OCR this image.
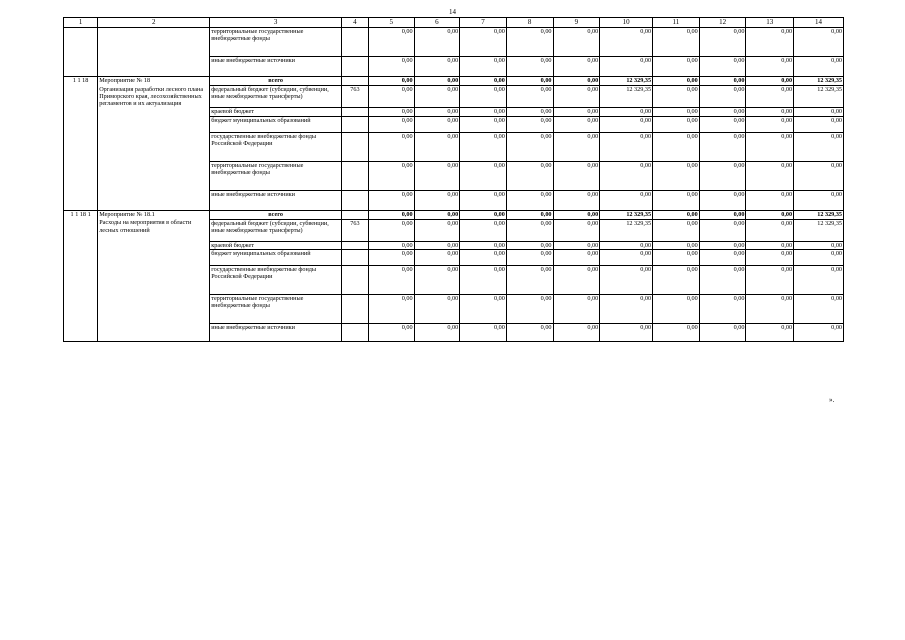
14
1	2	3	4	5	6	7	8	9	10	11	12	13	14
		территориальные государственные внебюджетные фонды		0,00	0,00	0,00	0,00	0,00	0,00	0,00	0,00	0,00	0,00
		иные внебюджетные источники		0,00	0,00	0,00	0,00	0,00	0,00	0,00	0,00	0,00	0,00
1 1 18	Мероприятие № 18	всего		0,00	0,00	0,00	0,00	0,00	12 329,35	0,00	0,00	0,00	12 329,35
	Организация разработки лесного плана Приморского края, лесохозяйственных регламентов и их актуализация	федеральный бюджет (субсидии, субвенции, иные межбюджетные трансферты)	763	0,00	0,00	0,00	0,00	0,00	12 329,35	0,00	0,00	0,00	12 329,35
		краевой бюджет		0,00	0,00	0,00	0,00	0,00	0,00	0,00	0,00	0,00	0,00
		бюджет муниципальных образований		0,00	0,00	0,00	0,00	0,00	0,00	0,00	0,00	0,00	0,00
		государственные внебюджетные фонды Российской Федерации		0,00	0,00	0,00	0,00	0,00	0,00	0,00	0,00	0,00	0,00
		территориальные государственные внебюджетные фонды		0,00	0,00	0,00	0,00	0,00	0,00	0,00	0,00	0,00	0,00
		иные внебюджетные источники		0,00	0,00	0,00	0,00	0,00	0,00	0,00	0,00	0,00	0,00
1 1 18 1	Мероприятие № 18.1	всего		0,00	0,00	0,00	0,00	0,00	12 329,35	0,00	0,00	0,00	12 329,35
	Расходы на мероприятия в области лесных отношений	федеральный бюджет (субсидии, субвенции, иные межбюджетные трансферты)	763	0,00	0,00	0,00	0,00	0,00	12 329,35	0,00	0,00	0,00	12 329,35
		краевой бюджет		0,00	0,00	0,00	0,00	0,00	0,00	0,00	0,00	0,00	0,00
		бюджет муниципальных образований		0,00	0,00	0,00	0,00	0,00	0,00	0,00	0,00	0,00	0,00
		государственные внебюджетные фонды Российской Федерации		0,00	0,00	0,00	0,00	0,00	0,00	0,00	0,00	0,00	0,00
		территориальные государственные внебюджетные фонды		0,00	0,00	0,00	0,00	0,00	0,00	0,00	0,00	0,00	0,00
		иные внебюджетные источники		0,00	0,00	0,00	0,00	0,00	0,00	0,00	0,00	0,00	0,00
».
